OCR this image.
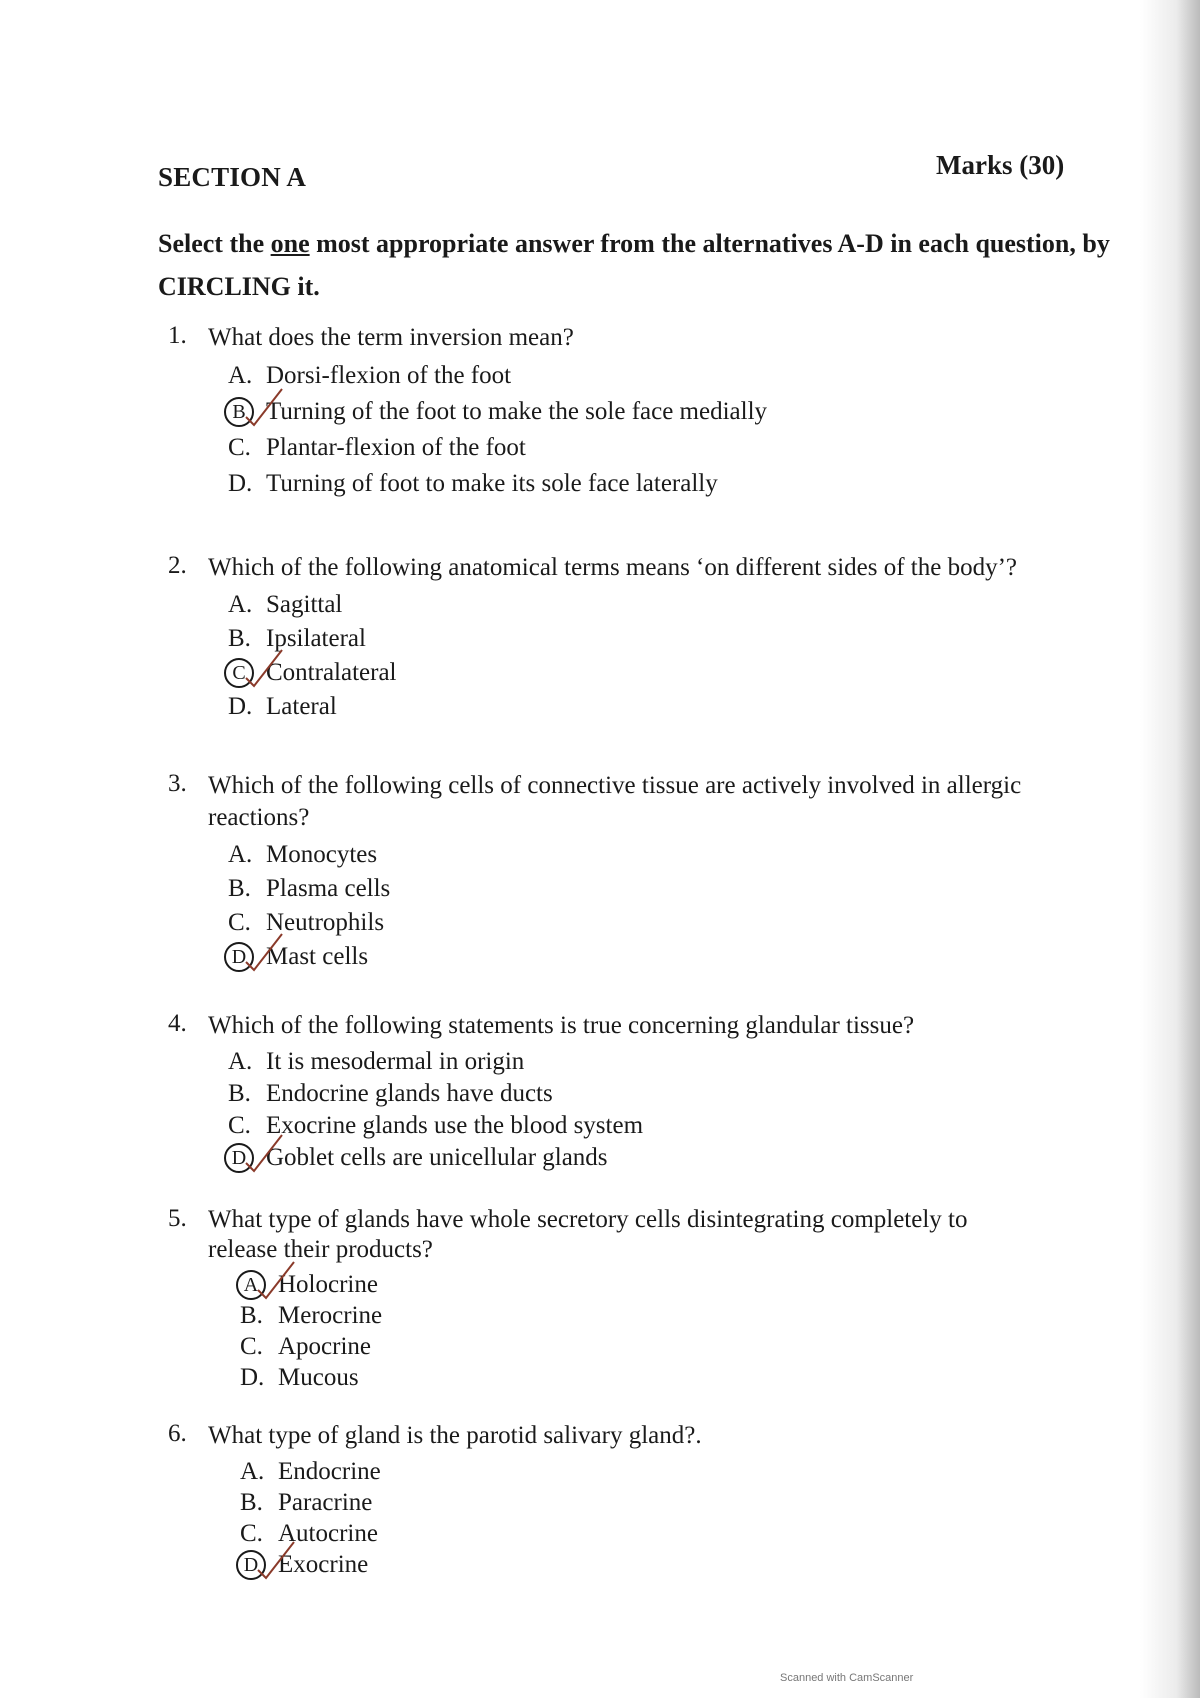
SECTION A	Marks (30)
Select the one most appropriate answer from the alternatives A-D in each question, by CIRCLING it.
1. What does the term inversion mean?
A. Dorsi-flexion of the foot
B Turning of the foot to make the sole face medially
C. Plantar-flexion of the foot
D. Turning of foot to make its sole face laterally
2. Which of the following anatomical terms means ‘on different sides of the body’?
A. Sagittal
B. Ipsilateral
C Contralateral
D. Lateral
3. Which of the following cells of connective tissue are actively involved in allergic reactions?
A. Monocytes
B. Plasma cells
C. Neutrophils
D Mast cells
4. Which of the following statements is true concerning glandular tissue?
A. It is mesodermal in origin
B. Endocrine glands have ducts
C. Exocrine glands use the blood system
D Goblet cells are unicellular glands
5. What type of glands have whole secretory cells disintegrating completely to release their products?
A Holocrine
B. Merocrine
C. Apocrine
D. Mucous
6. What type of gland is the parotid salivary gland?.
A. Endocrine
B. Paracrine
C. Autocrine
D Exocrine
Scanned with CamScanner
